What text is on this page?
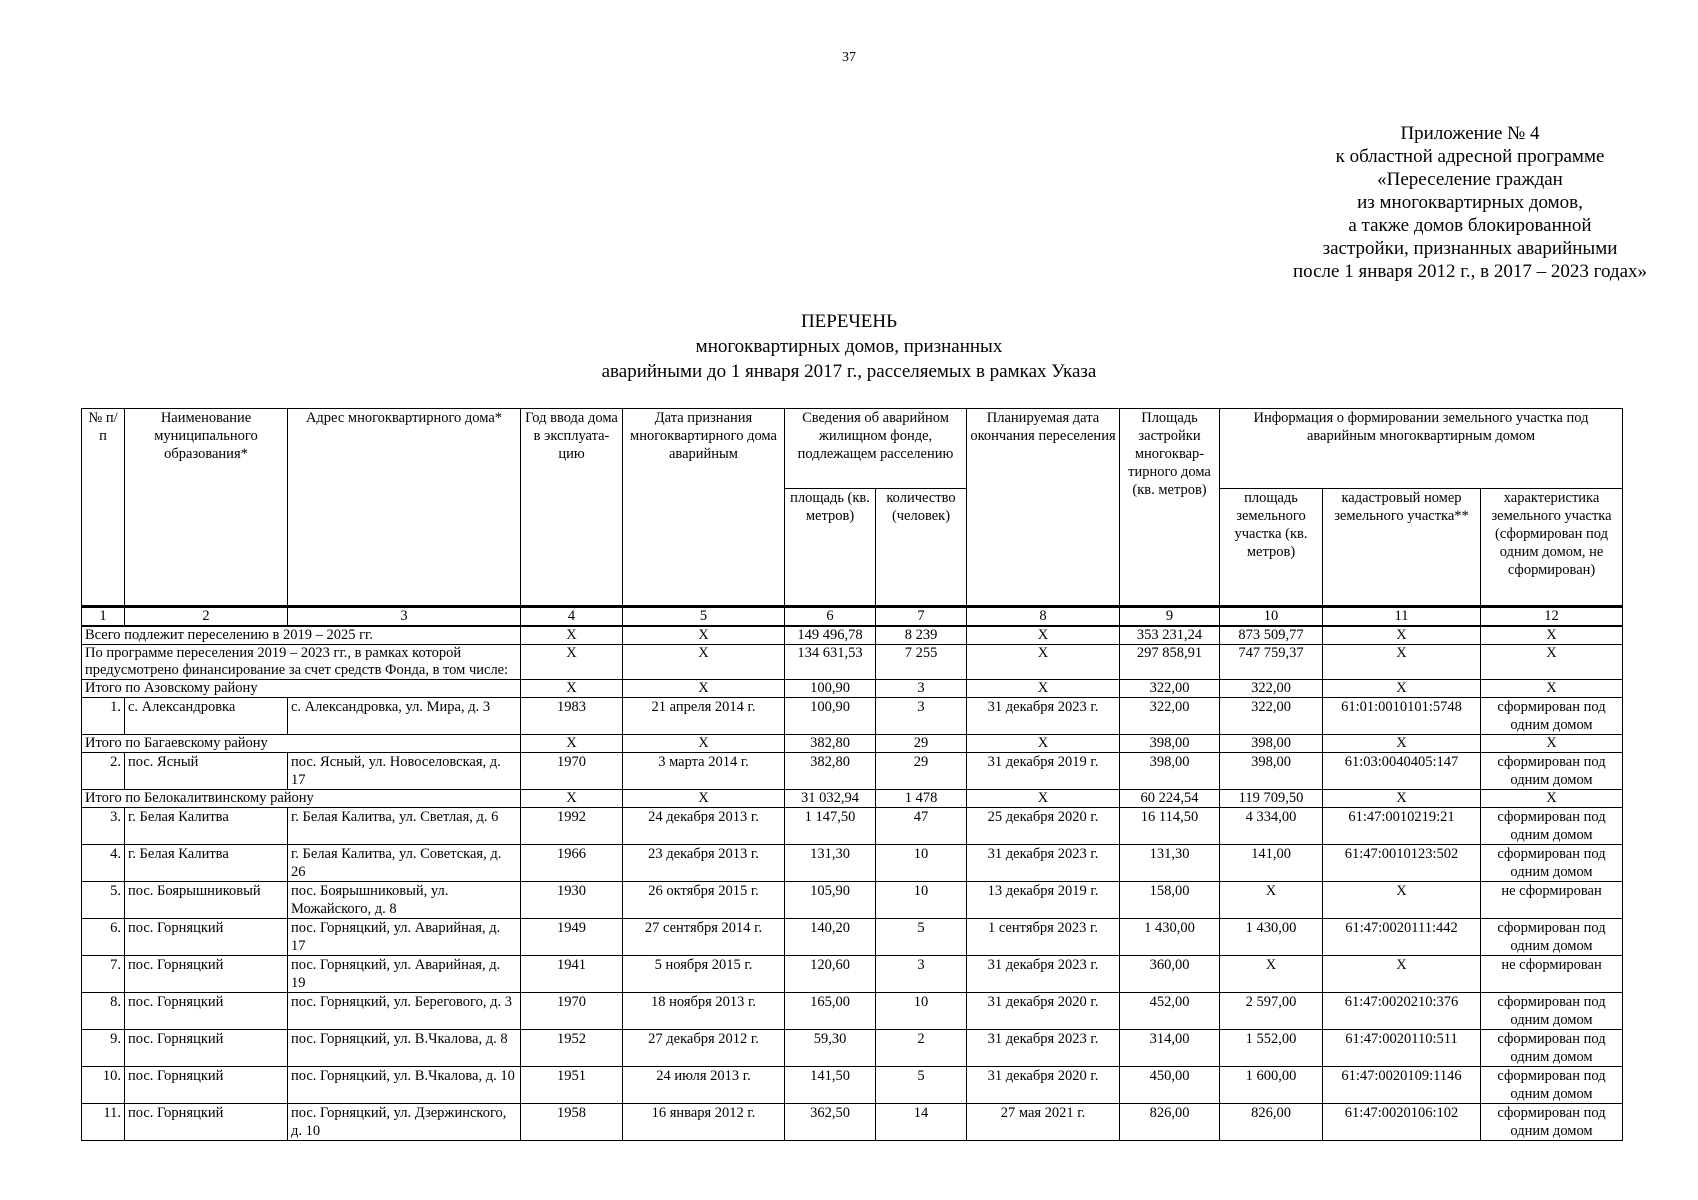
37
Приложение № 4
к областной адресной программе
«Переселение граждан
из многоквартирных домов,
а также домов блокированной
застройки, признанных аварийными
после 1 января 2012 г., в 2017 – 2023 годах»
ПЕРЕЧЕНЬ
многоквартирных домов, признанных
аварийными до 1 января 2017 г., расселяемых в рамках Указа
№ п/п	Наименование муниципального образования*	Адрес многоквартирного дома*	Год ввода дома в эксплуата-цию	Дата признания многоквартирного дома аварийным	Сведения об аварийном жилищном фонде, подлежащем расселению		Планируемая дата окончания переселения	Площадь застройки многоквар-тирного дома (кв. метров)	Информация о формировании земельного участка под аварийным многоквартирным домом		
					площадь (кв. метров)	количество (человек)			площадь земельного участка (кв. метров)	кадастровый номер земельного участка**	характеристика земельного участка (сформирован под одним домом, не сформирован)
1	2	3	4	5	6	7	8	9	10	11	12
Всего подлежит переселению в 2019 – 2025 гг.			X	X	149 496,78	8 239	X	353 231,24	873 509,77	X	X
По программе переселения 2019 – 2023 гг., в рамках которой предусмотрено финансирование за счет средств Фонда, в том числе:			X	X	134 631,53	7 255	X	297 858,91	747 759,37	X	X
Итого по Азовскому району			X	X	100,90	3	X	322,00	322,00	X	X
1.	с. Александровка	с. Александровка, ул. Мира, д. 3	1983	21 апреля 2014 г.	100,90	3	31 декабря 2023 г.	322,00	322,00	61:01:0010101:5748	сформирован под одним домом
Итого по Багаевскому району			X	X	382,80	29	X	398,00	398,00	X	X
2.	пос. Ясный	пос. Ясный, ул. Новоселовская, д. 17	1970	3 марта 2014 г.	382,80	29	31 декабря 2019 г.	398,00	398,00	61:03:0040405:147	сформирован под одним домом
Итого по Белокалитвинскому району			X	X	31 032,94	1 478	X	60 224,54	119 709,50	X	X
3.	г. Белая Калитва	г. Белая Калитва, ул. Светлая, д. 6	1992	24 декабря 2013 г.	1 147,50	47	25 декабря 2020 г.	16 114,50	4 334,00	61:47:0010219:21	сформирован под одним домом
4.	г. Белая Калитва	г. Белая Калитва, ул. Советская, д. 26	1966	23 декабря 2013 г.	131,30	10	31 декабря 2023 г.	131,30	141,00	61:47:0010123:502	сформирован под одним домом
5.	пос. Боярышниковый	пос. Боярышниковый, ул. Можайского, д. 8	1930	26 октября 2015 г.	105,90	10	13 декабря 2019 г.	158,00	X	X	не сформирован
6.	пос. Горняцкий	пос. Горняцкий, ул. Аварийная, д. 17	1949	27 сентября 2014 г.	140,20	5	1 сентября 2023 г.	1 430,00	1 430,00	61:47:0020111:442	сформирован под одним домом
7.	пос. Горняцкий	пос. Горняцкий, ул. Аварийная, д. 19	1941	5 ноября 2015 г.	120,60	3	31 декабря 2023 г.	360,00	X	X	не сформирован
8.	пос. Горняцкий	пос. Горняцкий, ул. Берегового, д. 3	1970	18 ноября 2013 г.	165,00	10	31 декабря 2020 г.	452,00	2 597,00	61:47:0020210:376	сформирован под одним домом
9.	пос. Горняцкий	пос. Горняцкий, ул. В.Чкалова, д. 8	1952	27 декабря 2012 г.	59,30	2	31 декабря 2023 г.	314,00	1 552,00	61:47:0020110:511	сформирован под одним домом
10.	пос. Горняцкий	пос. Горняцкий, ул. В.Чкалова, д. 10	1951	24 июля 2013 г.	141,50	5	31 декабря 2020 г.	450,00	1 600,00	61:47:0020109:1146	сформирован под одним домом
11.	пос. Горняцкий	пос. Горняцкий, ул. Дзержинского, д. 10	1958	16 января 2012 г.	362,50	14	27 мая 2021 г.	826,00	826,00	61:47:0020106:102	сформирован под одним домом
